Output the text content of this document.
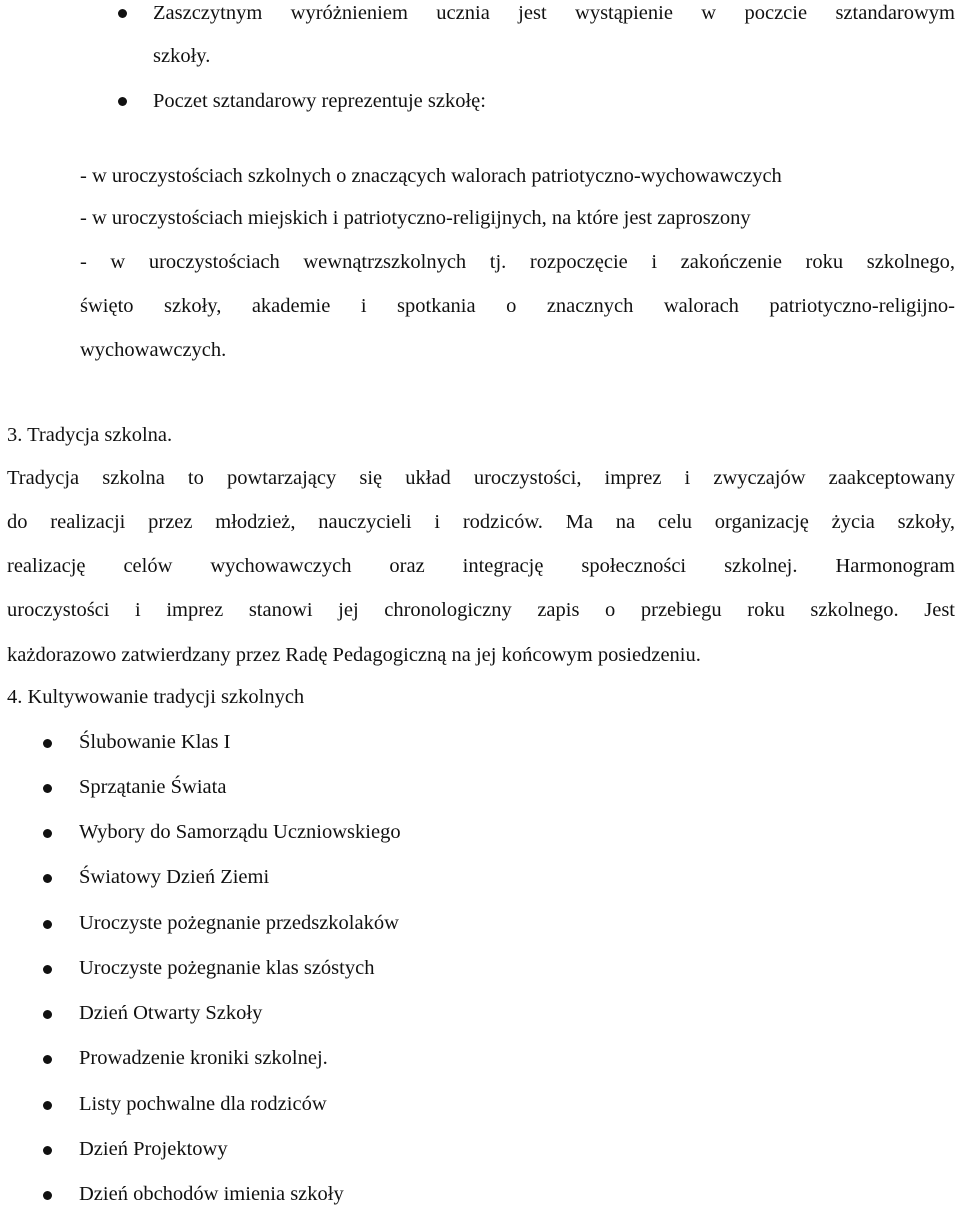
Zaszczytnym wyróżnieniem ucznia jest wystąpienie w poczcie sztandarowym
szkoły.
Poczet sztandarowy reprezentuje szkołę:
- w uroczystościach szkolnych o znaczących walorach patriotyczno-wychowawczych
- w uroczystościach miejskich i patriotyczno-religijnych, na które jest zaproszony
- w uroczystościach wewnątrzszkolnych tj. rozpoczęcie i zakończenie roku szkolnego,
święto szkoły, akademie i spotkania o znacznych walorach patriotyczno-religijno-
wychowawczych.
3. Tradycja szkolna.
Tradycja szkolna to powtarzający się układ uroczystości, imprez i zwyczajów zaakceptowany
do realizacji przez młodzież, nauczycieli i rodziców. Ma na celu organizację życia szkoły,
realizację celów wychowawczych oraz integrację społeczności szkolnej. Harmonogram
uroczystości i imprez stanowi jej chronologiczny zapis o przebiegu roku szkolnego. Jest
każdorazowo zatwierdzany przez Radę Pedagogiczną na jej końcowym posiedzeniu.
4. Kultywowanie tradycji szkolnych
Ślubowanie Klas I
Sprzątanie Świata
Wybory do Samorządu Uczniowskiego
Światowy Dzień Ziemi
Uroczyste pożegnanie przedszkolaków
Uroczyste pożegnanie klas szóstych
Dzień Otwarty Szkoły
Prowadzenie kroniki szkolnej.
Listy pochwalne dla rodziców
Dzień Projektowy
Dzień obchodów imienia szkoły
